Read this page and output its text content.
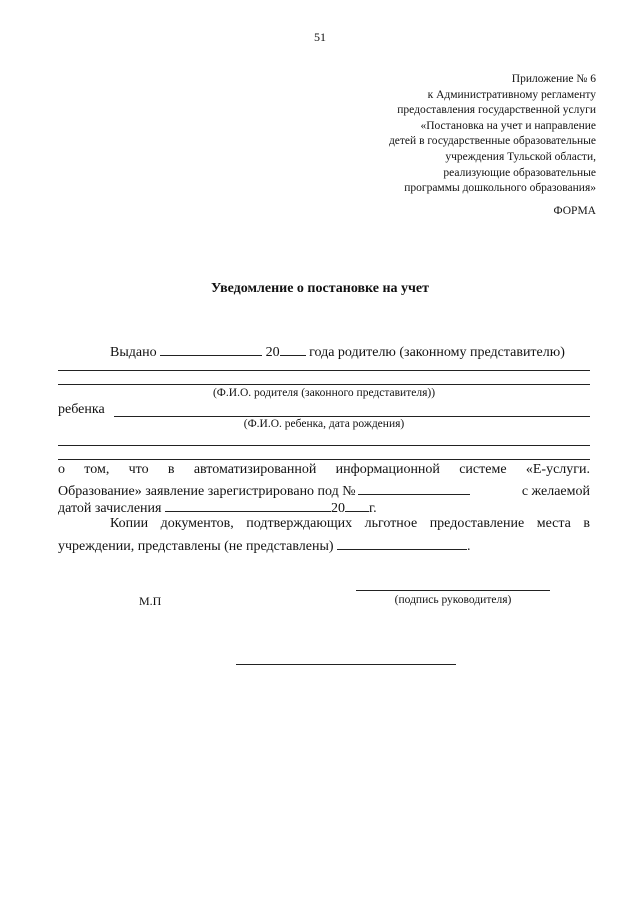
51
Приложение № 6
к Административному регламенту
предоставления государственной услуги
«Постановка на учет и направление
детей в государственные образовательные
учреждения Тульской области,
реализующие образовательные
программы дошкольного образования»
ФОРМА
Уведомление о постановке на учет
Выдано	20 года родителю (законному представителю)
(Ф.И.О. родителя (законного представителя))
ребенка
(Ф.И.О. ребенка, дата рождения)
о том, что в автоматизированной информационной системе «Е-услуги.
Образование» заявление зарегистрировано под №	с желаемой
датой зачисления	20 г.
Копии документов, подтверждающих льготное предоставление места в
учреждении, представлены (не представлены)	.
М.П	(подпись руководителя)
